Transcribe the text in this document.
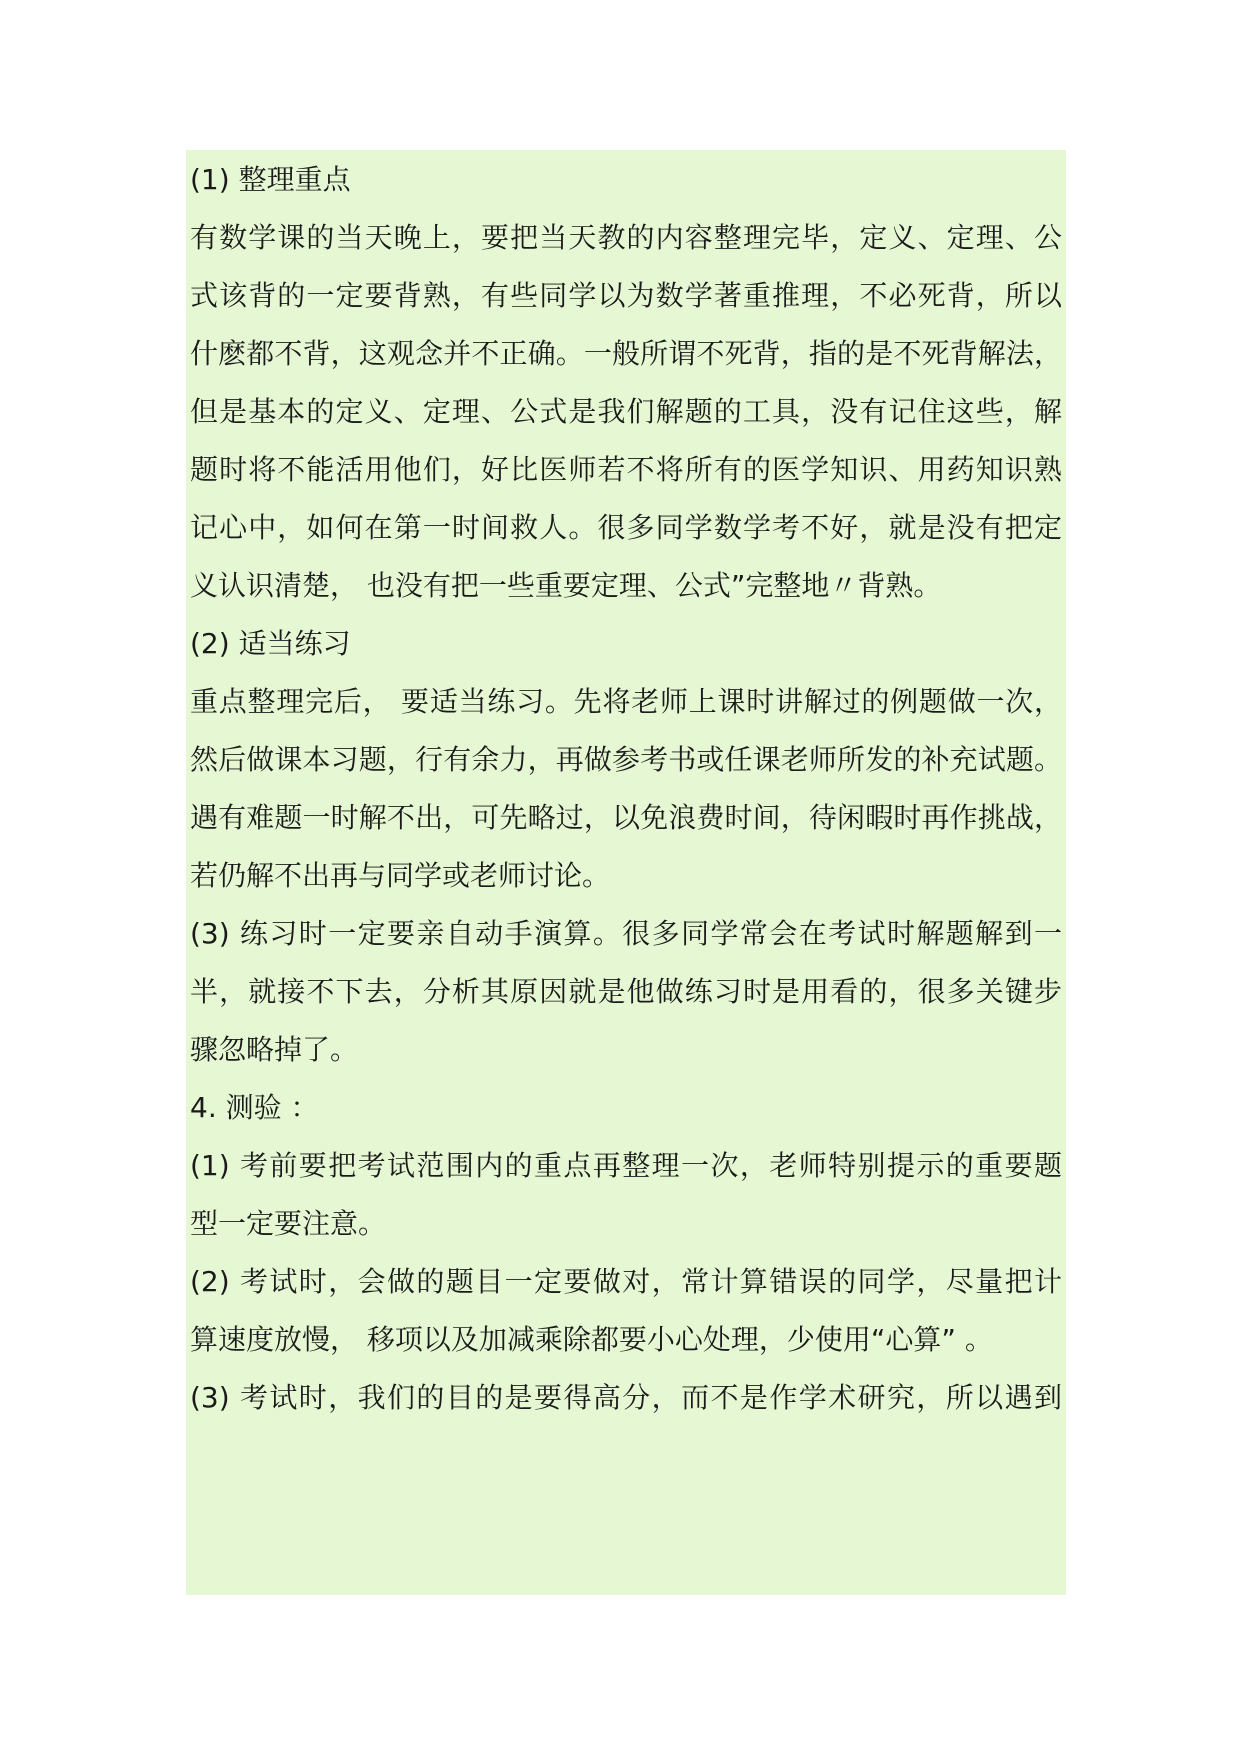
(1) 整理重点
有数学课的当天晚上，要把当天教的内容整理完毕，定义、定理、公
式该背的一定要背熟，有些同学以为数学著重推理，不必死背，所以
什麽都不背，这观念并不正确。一般所谓不死背，指的是不死背解法，
但是基本的定义、定理、公式是我们解题的工具，没有记住这些，解
题时将不能活用他们，好比医师若不将所有的医学知识、用药知识熟
记心中，如何在第一时间救人。很多同学数学考不好，就是没有把定
义认识清楚， 也没有把一些重要定理、公式”完整地〃背熟。
(2) 适当练习
重点整理完后， 要适当练习。先将老师上课时讲解过的例题做一次，
然后做课本习题，行有余力，再做参考书或任课老师所发的补充试题。
遇有难题一时解不出，可先略过，以免浪费时间，待闲暇时再作挑战，
若仍解不出再与同学或老师讨论。
(3) 练习时一定要亲自动手演算。很多同学常会在考试时解题解到一
半，就接不下去，分析其原因就是他做练习时是用看的，很多关键步
骤忽略掉了。
4. 测验 ：
(1) 考前要把考试范围内的重点再整理一次，老师特别提示的重要题
型一定要注意。
(2) 考试时，会做的题目一定要做对，常计算错误的同学，尽量把计
算速度放慢， 移项以及加减乘除都要小心处理，少使用“心算” 。
(3) 考试时，我们的目的是要得高分，而不是作学术研究，所以遇到
